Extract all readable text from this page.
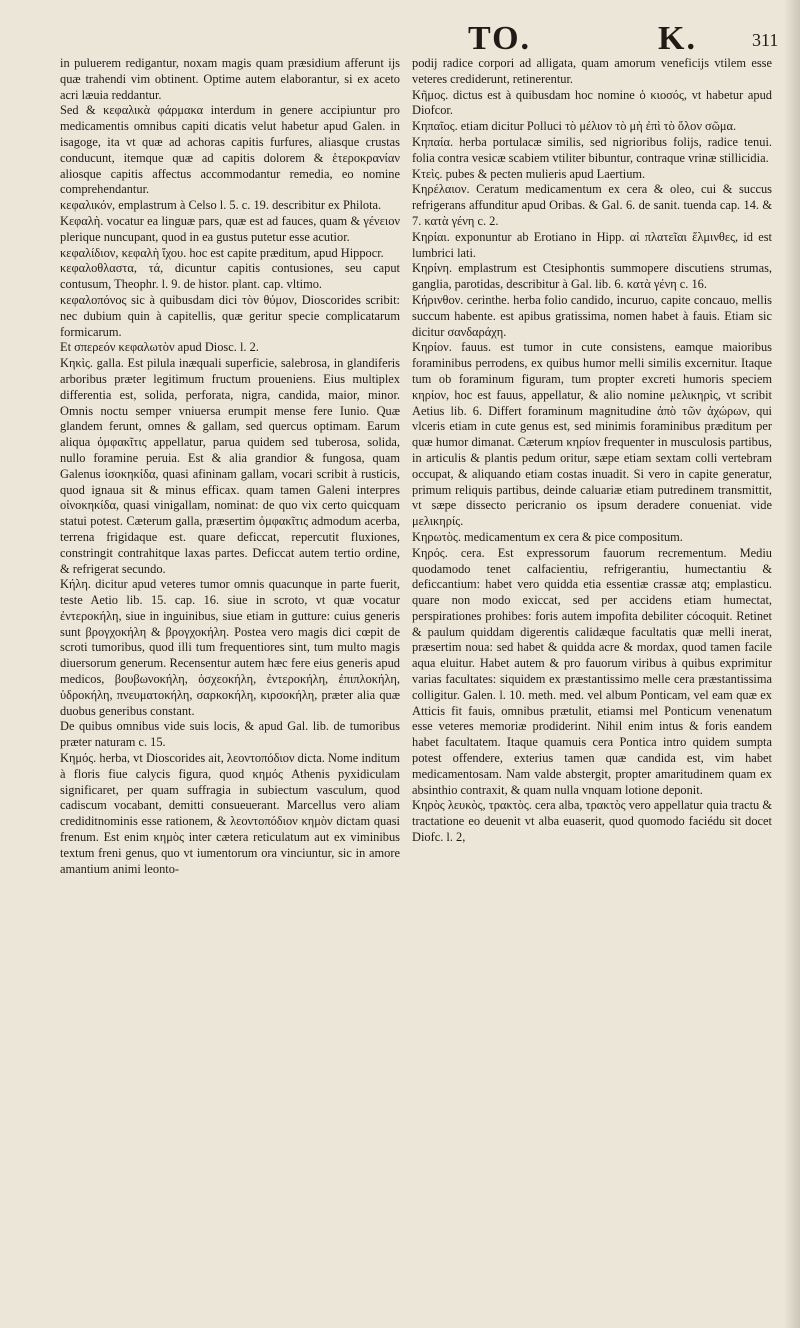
TO.	K.	311

in puluerem redigantur, noxam magis quam præsidium afferunt ijs quæ trahendi vim obtinent. Optime autem elaborantur, si ex aceto acri læuia reddantur.

Sed & κεφαλικὰ φάρμακα interdum in genere accipiuntur pro medicamentis omnibus capiti dicatis velut habetur apud Galen. in isagoge, ita vt quæ ad achoras capitis furfures, aliasque crustas conducunt, itemque quæ ad capitis dolorem & ἑτεροκρανίαν aliosque capitis affectus accommodantur remedia, eo nomine comprehendantur.

κεφαλικόν, emplastrum à Celso l. 5. c. 19. describitur ex Philota.

Κεφαλὴ. vocatur ea linguæ pars, quæ est ad fauces, quam & γένειον plerique nuncupant, quod in ea gustus putetur esse acutior.

κεφαλίδιον, κεφαλὴ ἴχου. hoc est capite præditum, apud Hippocr.

κεφαλοθλαστα, τά, dicuntur capitis contusiones, seu caput contusum, Theophr. l. 9. de histor. plant. cap. vltimo.

κεφαλοπόνος sic à quibusdam dici τὸν θύμον, Dioscorides scribit: nec dubium quin à capitellis, quæ geritur specie complicatarum formicarum.

Et σπερεόν κεφαλωτὸν apud Diosc. l. 2.

Κηκὶς. galla. Est pilula inæquali superficie, salebrosa, in glandiferis arboribus præter legitimum fructum proueniens. Eius multiplex differentia est, solida, perforata, nigra, candida, maior, minor. Omnis noctu semper vniuersa erumpit mense fere Iunio. Quæ glandem ferunt, omnes & gallam, sed quercus optimam. Earum aliqua ὀμφακῖτις appellatur, parua quidem sed tuberosa, solida, nullo foramine peruia. Est & alia grandior & fungosa, quam Galenus ἰσοκηκίδα, quasi afininam gallam, vocari scribit à rusticis, quod ignaua sit & minus efficax. quam tamen Galeni interpres οἰνοκηκίδα, quasi vinigallam, nominat: de quo vix certo quicquam statui potest. Cæterum galla, præsertim ὀμφακῖτις admodum acerba, terrena frigidaque est. quare deficcat, repercutit fluxiones, constringit contrahitque laxas partes. Deficcat autem tertio ordine, & refrigerat secundo.

Κήλη. dicitur apud veteres tumor omnis quacunque in parte fuerit, teste Aetio lib. 15. cap. 16. siue in scroto, vt quæ vocatur ἐντεροκήλη, siue in inguinibus, siue etiam in gutture: cuius generis sunt βρογχοκήλη & βρογχοκήλη. Postea vero magis dici cœpit de scroti tumoribus, quod illi tum frequentiores sint, tum multo magis diuersorum generum. Recensentur autem hæc fere eius generis apud medicos, βουβωνοκήλη, ὀσχεοκήλη, ἐντεροκήλη, ἐπιπλοκήλη, ὑδροκήλη, πνευματοκήλη, σαρκοκήλη, κιρσοκήλη, præter alia quæ duobus generibus constant.

De quibus omnibus vide suis locis, & apud Gal. lib. de tumoribus præter naturam c. 15.

Κημός. herba, vt Dioscorides ait, λεοντοπόδιον dicta. Nome inditum à floris fiue calycis figura, quod κημός Athenis pyxidiculam significaret, per quam suffragia in subiectum vasculum, quod cadiscum vocabant, demitti consueuerant. Marcellus vero aliam crediditnominis esse rationem, & λεοντοπόδιον κημὸν dictam quasi frenum. Est enim κημὸς inter cætera reticulatum aut ex viminibus textum freni genus, quo vt iumentorum ora vinciuntur, sic in amore amantium animi leonto-

podij radice corpori ad alligata, quam amorum veneficijs vtilem esse veteres crediderunt, retinerentur.

Κῆμος. dictus est à quibusdam hoc nomine ὁ κιοσός, vt habetur apud Diofcor.

Κηπαῖος. etiam dicitur Polluci τὸ μέλιον τὸ μὴ ἐπὶ τὸ ὅλον σῶμα.

Κηπαία. herba portulacæ similis, sed nigrioribus folijs, radice tenui. folia contra vesicæ scabiem vtiliter bibuntur, contraque vrinæ stillicidia.

Κτεὶς. pubes & pecten mulieris apud Laertium.

Κηρέλαιον. Ceratum medicamentum ex cera & oleo, cui & succus refrigerans affunditur apud Oribas. & Gal. 6. de sanit. tuenda cap. 14. & 7. κατὰ γένη c. 2.

Κηρίαι. exponuntur ab Erotiano in Hipp. αἱ πλατεῖαι ἕλμινθες, id est lumbrici lati.

Κηρίνη. emplastrum est Ctesiphontis summopere discutiens strumas, ganglia, parotidas, describitur à Gal. lib. 6. κατὰ γένη c. 16.

Κήρινθον. cerinthe. herba folio candido, incuruo, capite concauo, mellis succum habente. est apibus gratissima, nomen habet à fauis. Etiam sic dicitur σανδαράχη.

Κηρίον. fauus. est tumor in cute consistens, eamque maioribus foraminibus perrodens, ex quibus humor melli similis excernitur. Itaque tum ob foraminum figuram, tum propter excreti humoris speciem κηρίον, hoc est fauus, appellatur, & alio nomine μελικηρὶς, vt scribit Aetius lib. 6. Differt foraminum magnitudine ἀπὸ τῶν ἀχώρων, qui vlceris etiam in cute genus est, sed minimis foraminibus præditum per quæ humor dimanat. Cæterum κηρίον frequenter in musculosis partibus, in articulis & plantis pedum oritur, sæpe etiam sextam colli vertebram occupat, & aliquando etiam costas inuadit. Si vero in capite generatur, primum reliquis partibus, deinde caluariæ etiam putredinem transmittit, vt sæpe dissecto pericranio os ipsum deradere conueniat. vide μελικηρίς.

Κηρωτὸς. medicamentum ex cera & pice compositum.

Κηρός. cera. Est expressorum fauorum recrementum. Mediu quodamodo tenet calfacientiu, refrigerantiu, humectantiu & deficcantium: habet vero quidda etia essentiæ crassæ atq; emplasticu. quare non modo exiccat, sed per accidens etiam humectat, perspirationes prohibes: foris autem impofita debiliter cócoquit. Retinet & paulum quiddam digerentis calidæque facultatis quæ melli inerat, præsertim noua: sed habet & quidda acre & mordax, quod tamen facile aqua eluitur. Habet autem & pro fauorum viribus à quibus exprimitur varias facultates: siquidem ex præstantissimo melle cera præstantissima colligitur. Galen. l. 10. meth. med. vel album Ponticam, vel eam quæ ex Atticis fit fauis, omnibus prætulit, etiamsi mel Ponticum venenatum esse veteres memoriæ prodiderint. Nihil enim intus & foris eandem habet facultatem. Itaque quamuis cera Pontica intro quidem sumpta potest offendere, exterius tamen quæ candida est, vim habet medicamentosam. Nam valde abstergit, propter amaritudinem quam ex absinthio contraxit, & quam nulla vnquam lotione deponit.

Κηρὸς λευκὸς, τρακτὸς. cera alba, τρακτὸς vero appellatur quia tractu & tractatione eo deuenit vt alba euaserit, quod quomodo faciédu sit docet Diofc. l. 2,
